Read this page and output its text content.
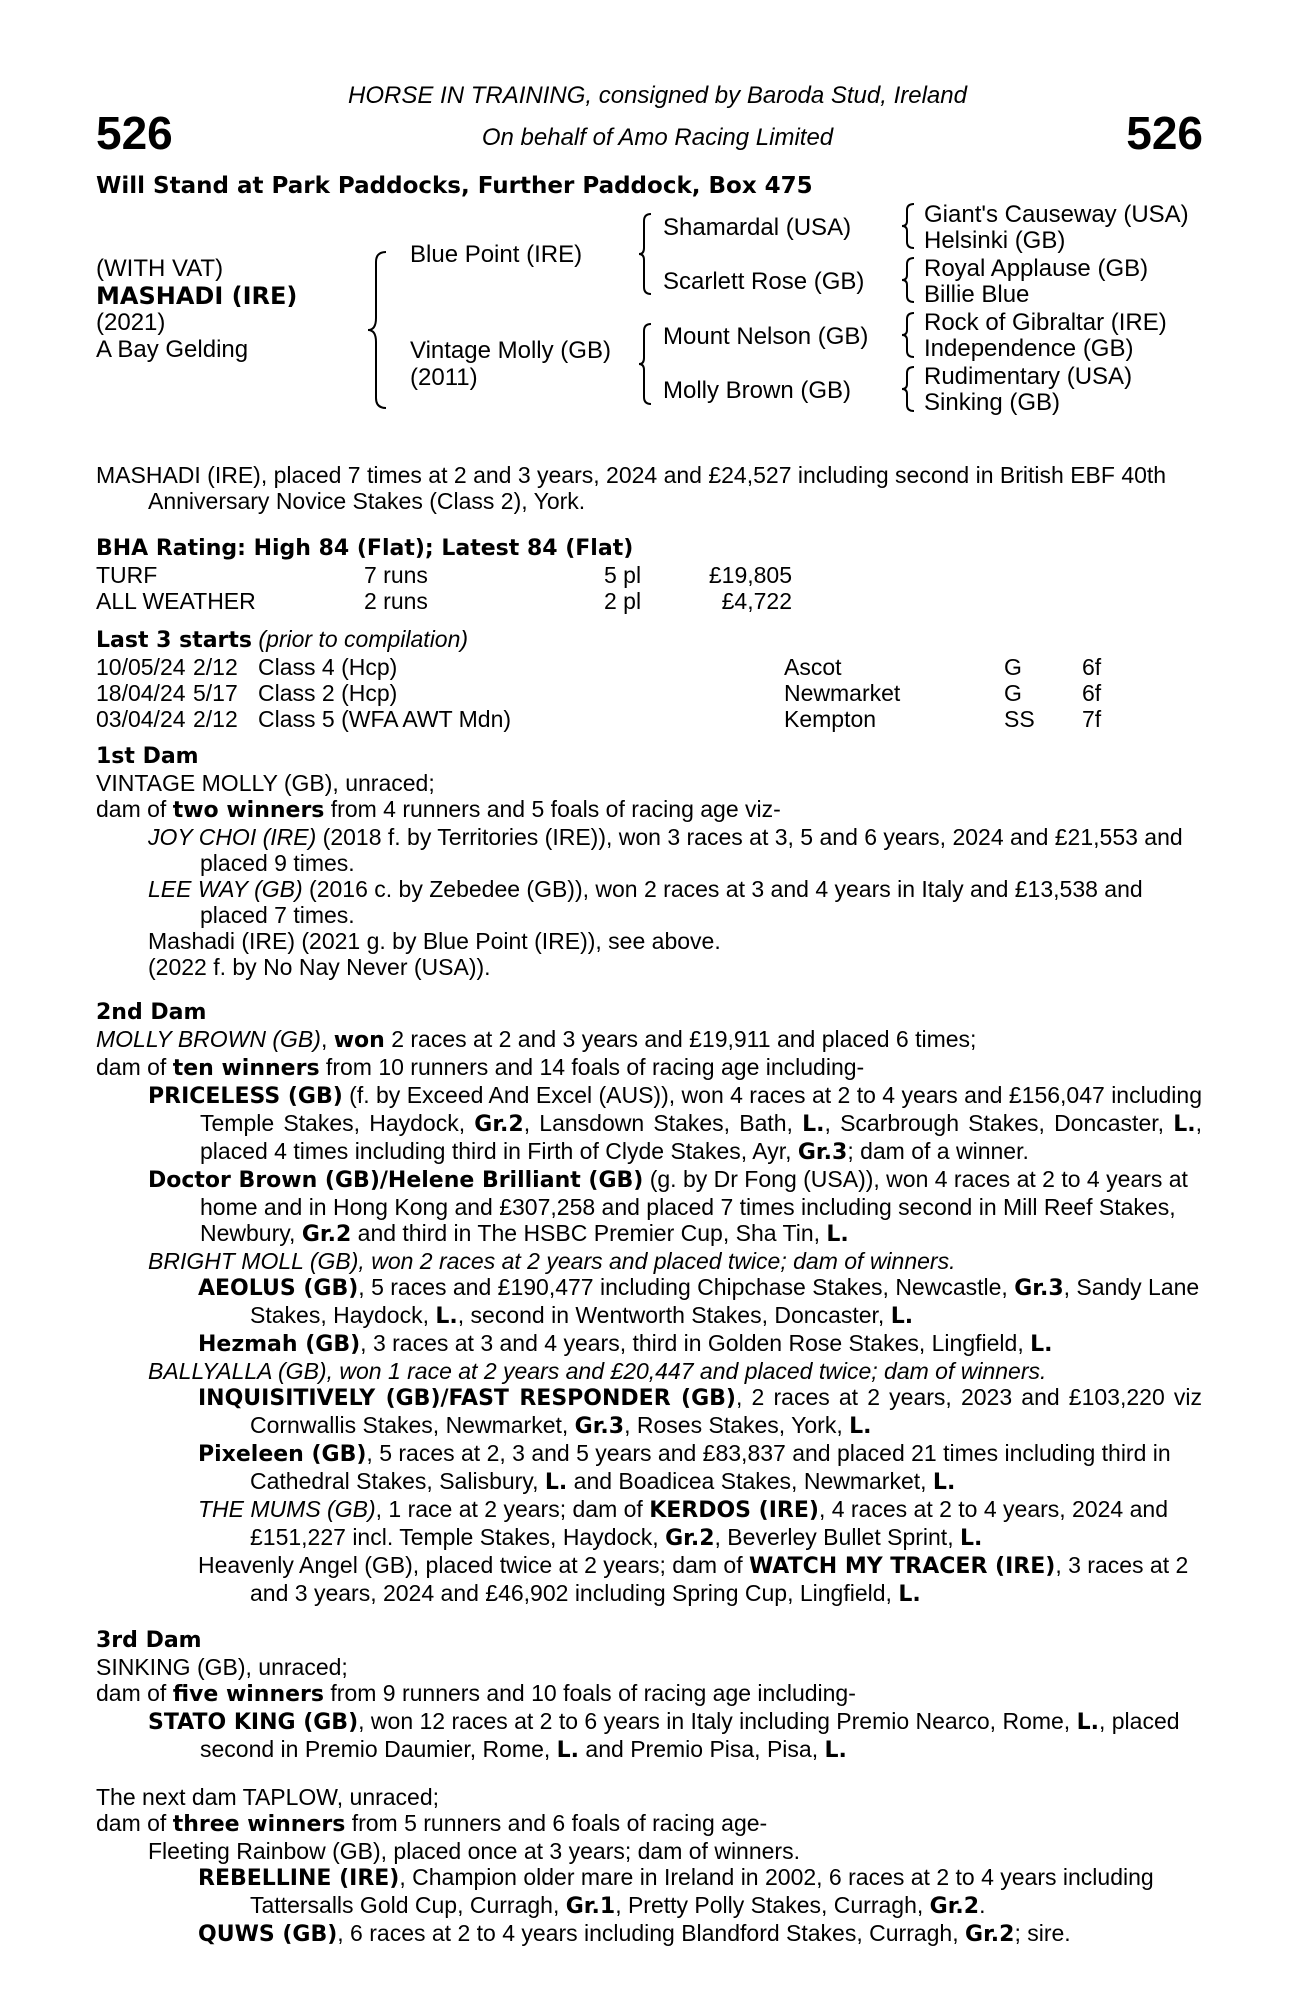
526	526
HORSE IN TRAINING, consigned by Baroda Stud, Ireland
On behalf of Amo Racing Limited
Will Stand at Park Paddocks, Further Paddock, Box 475
(WITH VAT)
MASHADI (IRE)
(2021)
A Bay Gelding
Blue Point (IRE)
Vintage Molly (GB)
(2011)
Shamardal (USA)
Scarlett Rose (GB)
Mount Nelson (GB)
Molly Brown (GB)
Giant's Causeway (USA)
Helsinki (GB)
Royal Applause (GB)
Billie Blue
Rock of Gibraltar (IRE)
Independence (GB)
Rudimentary (USA)
Sinking (GB)

MASHADI (IRE), placed 7 times at 2 and 3 years, 2024 and £24,527 including second in British EBF 40th Anniversary Novice Stakes (Class 2), York.

BHA Rating: High 84 (Flat); Latest 84 (Flat)
TURF	7 runs	5 pl	£19,805
ALL WEATHER	2 runs	2 pl	£4,722
Last 3 starts (prior to compilation)
10/05/24	2/12	Class 4 (Hcp)	Ascot	G	6f
18/04/24	5/17	Class 2 (Hcp)	Newmarket	G	6f
03/04/24	2/12	Class 5 (WFA AWT Mdn)	Kempton	SS	7f
1st Dam

VINTAGE MOLLY (GB), unraced;

dam of two winners from 4 runners and 5 foals of racing age viz-

JOY CHOI (IRE) (2018 f. by Territories (IRE)), won 3 races at 3, 5 and 6 years, 2024 and £21,553 and placed 9 times.

LEE WAY (GB) (2016 c. by Zebedee (GB)), won 2 races at 3 and 4 years in Italy and £13,538 and placed 7 times.

Mashadi (IRE) (2021 g. by Blue Point (IRE)), see above.

(2022 f. by No Nay Never (USA)).

2nd Dam

MOLLY BROWN (GB), won 2 races at 2 and 3 years and £19,911 and placed 6 times;

dam of ten winners from 10 runners and 14 foals of racing age including-

PRICELESS (GB) (f. by Exceed And Excel (AUS)), won 4 races at 2 to 4 years and £156,047 including Temple Stakes, Haydock, Gr.2, Lansdown Stakes, Bath, L., Scarbrough Stakes, Doncaster, L., placed 4 times including third in Firth of Clyde Stakes, Ayr, Gr.3; dam of a winner.

Doctor Brown (GB)/Helene Brilliant (GB) (g. by Dr Fong (USA)), won 4 races at 2 to 4 years at home and in Hong Kong and £307,258 and placed 7 times including second in Mill Reef Stakes, Newbury, Gr.2 and third in The HSBC Premier Cup, Sha Tin, L.

BRIGHT MOLL (GB), won 2 races at 2 years and placed twice; dam of winners.

AEOLUS (GB), 5 races and £190,477 including Chipchase Stakes, Newcastle, Gr.3, Sandy Lane Stakes, Haydock, L., second in Wentworth Stakes, Doncaster, L.

Hezmah (GB), 3 races at 3 and 4 years, third in Golden Rose Stakes, Lingfield, L.

BALLYALLA (GB), won 1 race at 2 years and £20,447 and placed twice; dam of winners.

INQUISITIVELY (GB)/FAST RESPONDER (GB), 2 races at 2 years, 2023 and £103,220 viz Cornwallis Stakes, Newmarket, Gr.3, Roses Stakes, York, L.

Pixeleen (GB), 5 races at 2, 3 and 5 years and £83,837 and placed 21 times including third in Cathedral Stakes, Salisbury, L. and Boadicea Stakes, Newmarket, L.

THE MUMS (GB), 1 race at 2 years; dam of KERDOS (IRE), 4 races at 2 to 4 years, 2024 and £151,227 incl. Temple Stakes, Haydock, Gr.2, Beverley Bullet Sprint, L.

Heavenly Angel (GB), placed twice at 2 years; dam of WATCH MY TRACER (IRE), 3 races at 2 and 3 years, 2024 and £46,902 including Spring Cup, Lingfield, L.

3rd Dam

SINKING (GB), unraced;

dam of five winners from 9 runners and 10 foals of racing age including-

STATO KING (GB), won 12 races at 2 to 6 years in Italy including Premio Nearco, Rome, L., placed second in Premio Daumier, Rome, L. and Premio Pisa, Pisa, L.

The next dam TAPLOW, unraced;

dam of three winners from 5 runners and 6 foals of racing age-

Fleeting Rainbow (GB), placed once at 3 years; dam of winners.

REBELLINE (IRE), Champion older mare in Ireland in 2002, 6 races at 2 to 4 years including Tattersalls Gold Cup, Curragh, Gr.1, Pretty Polly Stakes, Curragh, Gr.2.

QUWS (GB), 6 races at 2 to 4 years including Blandford Stakes, Curragh, Gr.2; sire.
